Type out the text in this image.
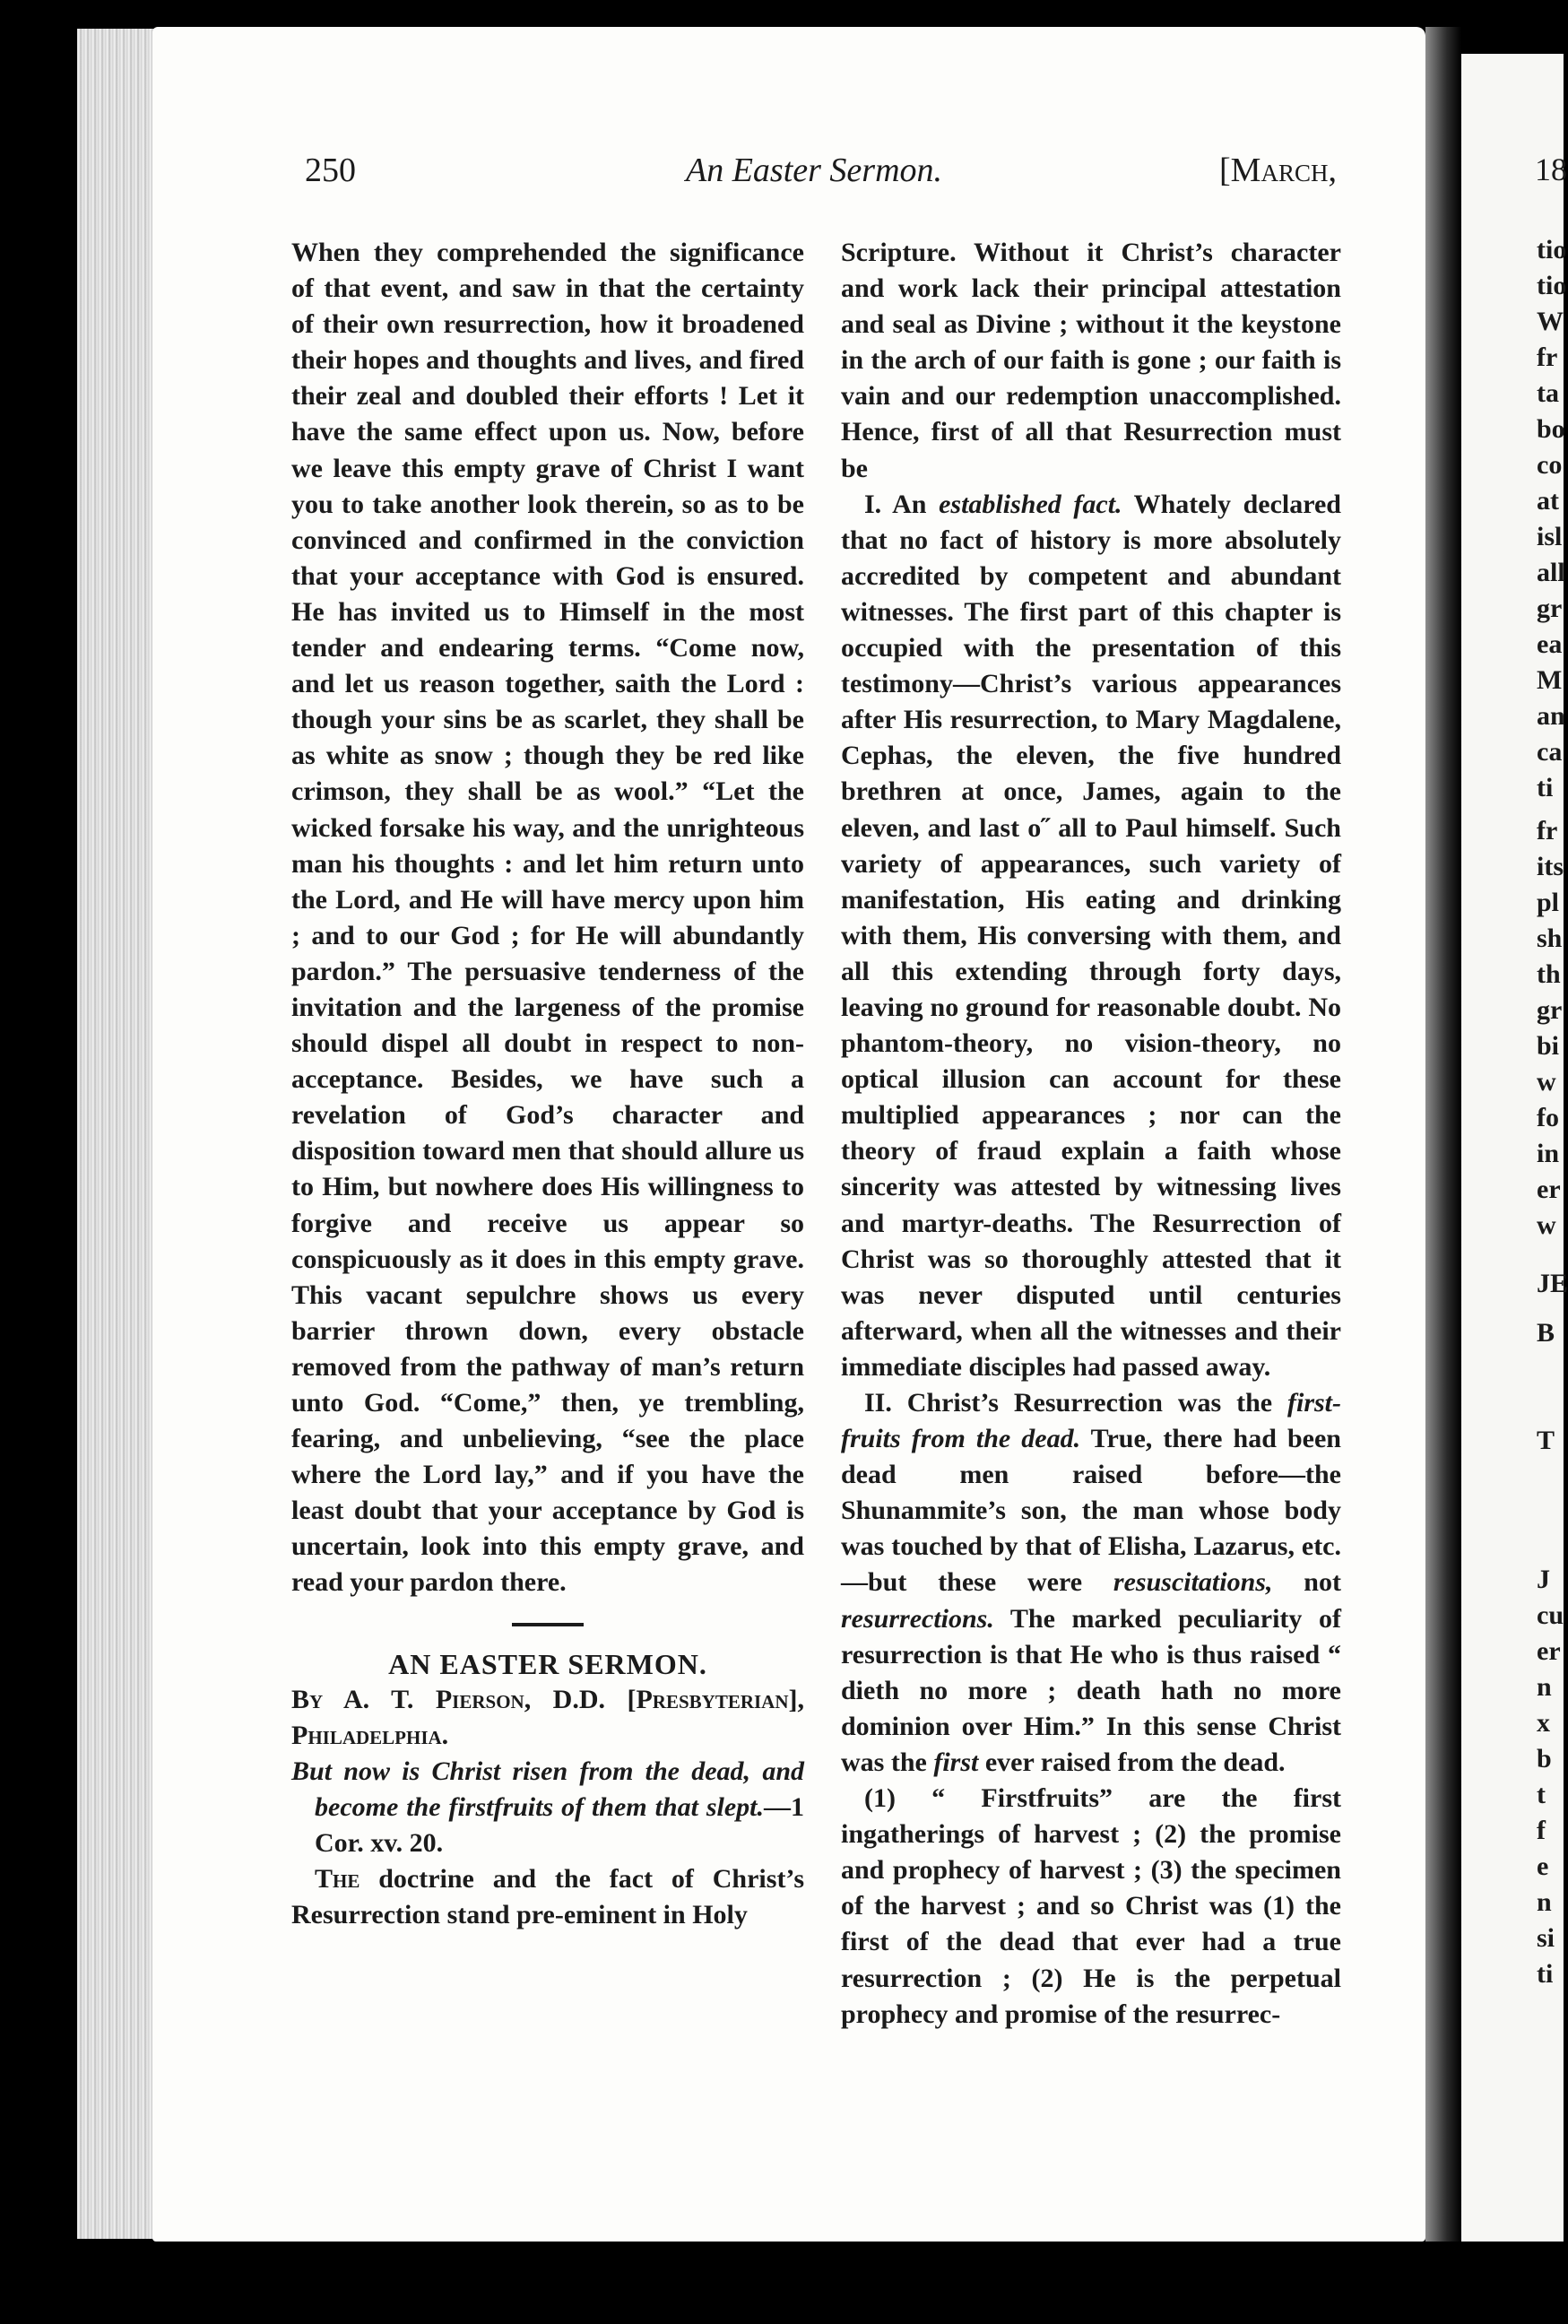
250	An Easter Sermon.	[March,	18

When they comprehended the significance of that event, and saw in that the certainty of their own resurrection, how it broadened their hopes and thoughts and lives, and fired their zeal and doubled their efforts ! Let it have the same effect upon us. Now, before we leave this empty grave of Christ I want you to take another look therein, so as to be convinced and confirmed in the conviction that your acceptance with God is ensured. He has invited us to Himself in the most tender and endearing terms. “Come now, and let us reason together, saith the Lord : though your sins be as scarlet, they shall be as white as snow ; though they be red like crimson, they shall be as wool.” “Let the wicked forsake his way, and the unrighteous man his thoughts : and let him return unto the Lord, and He will have mercy upon him ; and to our God ; for He will abundantly pardon.” The persuasive tenderness of the invitation and the largeness of the promise should dispel all doubt in respect to non-acceptance. Besides, we have such a revelation of God’s character and disposition toward men that should allure us to Him, but nowhere does His willingness to forgive and receive us appear so conspicuously as it does in this empty grave. This vacant sepulchre shows us every barrier thrown down, every obstacle removed from the pathway of man’s return unto God. “Come,” then, ye trembling, fearing, and unbelieving, “see the place where the Lord lay,” and if you have the least doubt that your acceptance by God is uncertain, look into this empty grave, and read your pardon there.

AN EASTER SERMON.

By A. T. Pierson, D.D. [Presbyterian], Philadelphia.

But now is Christ risen from the dead, and become the firstfruits of them that slept.—1 Cor. xv. 20.

The doctrine and the fact of Christ’s Resurrection stand pre-eminent in Holy

Scripture. Without it Christ’s character and work lack their principal attestation and seal as Divine ; without it the keystone in the arch of our faith is gone ; our faith is vain and our redemption unaccomplished. Hence, first of all that Resurrection must be

I. An established fact. Whately declared that no fact of history is more absolutely accredited by competent and abundant witnesses. The first part of this chapter is occupied with the presentation of this testimony—Christ’s various appearances after His resurrection, to Mary Magdalene, Cephas, the eleven, the five hundred brethren at once, James, again to the eleven, and last o˝ all to Paul himself. Such variety of appearances, such variety of manifestation, His eating and drinking with them, His conversing with them, and all this extending through forty days, leaving no ground for reasonable doubt. No phantom-theory, no vision-theory, no optical illusion can account for these multiplied appearances ; nor can the theory of fraud explain a faith whose sincerity was attested by witnessing lives and martyr-deaths. The Resurrection of Christ was so thoroughly attested that it was never disputed until centuries afterward, when all the witnesses and their immediate disciples had passed away.

II. Christ’s Resurrection was the first-fruits from the dead. True, there had been dead men raised before—the Shunammite’s son, the man whose body was touched by that of Elisha, Lazarus, etc. —but these were resuscitations, not resurrections. The marked peculiarity of resurrection is that He who is thus raised “ dieth no more ; death hath no more dominion over Him.” In this sense Christ was the first ever raised from the dead.

(1) “ Firstfruits” are the first ingatherings of harvest ; (2) the promise and prophecy of harvest ; (3) the specimen of the harvest ; and so Christ was (1) the first of the dead that ever had a true resurrection ; (2) He is the perpetual prophecy and promise of the resurrec-

tio
tio
W
fr
ta
bo
co
at
isl
all
gr
ea
M
an
ca
ti
fr
its
pl
sh
th
gr
bi
w
fo
in
er
w
JE
B
T
J
cu
er
n
x
b
t
f
e
n
si
ti
